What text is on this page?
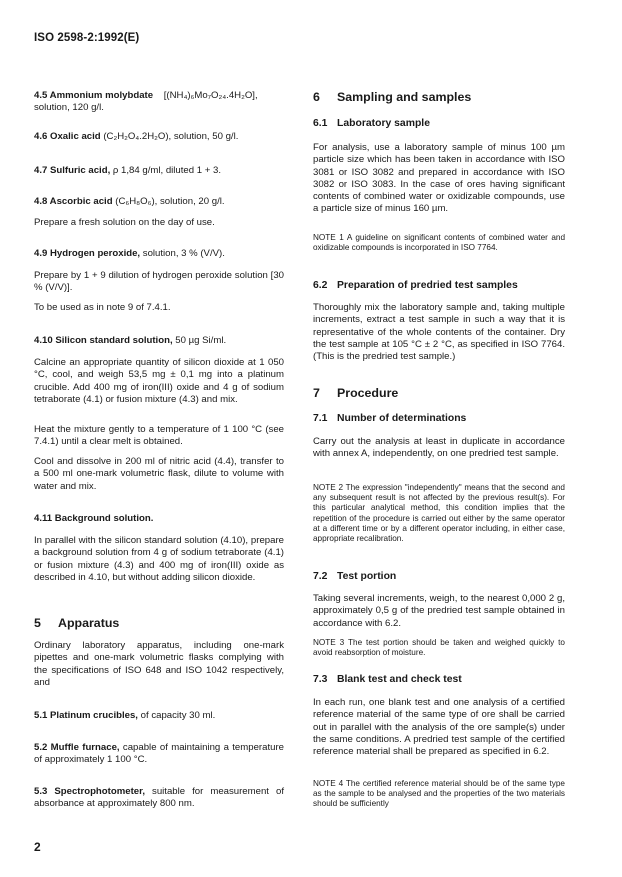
ISO 2598-2:1992(E)

4.5 Ammonium molybdate [(NH₄)₆Mo₇O₂₄.4H₂O],
solution, 120 g/l.

4.6 Oxalic acid (C₂H₂O₄.2H₂O), solution, 50 g/l.

4.7 Sulfuric acid, ρ 1,84 g/ml, diluted 1 + 3.

4.8 Ascorbic acid (C₆H₈O₆), solution, 20 g/l.

Prepare a fresh solution on the day of use.

4.9 Hydrogen peroxide, solution, 3 % (V/V).

Prepare by 1 + 9 dilution of hydrogen peroxide solution [30 % (V/V)].

To be used as in note 9 of 7.4.1.

4.10 Silicon standard solution, 50 µg Si/ml.

Calcine an appropriate quantity of silicon dioxide at 1 050 °C, cool, and weigh 53,5 mg ± 0,1 mg into a platinum crucible. Add 400 mg of iron(III) oxide and 4 g of sodium tetraborate (4.1) or fusion mixture (4.3) and mix.

Heat the mixture gently to a temperature of 1 100 °C (see 7.4.1) until a clear melt is obtained.

Cool and dissolve in 200 ml of nitric acid (4.4), transfer to a 500 ml one-mark volumetric flask, dilute to volume with water and mix.

4.11 Background solution.

In parallel with the silicon standard solution (4.10), prepare a background solution from 4 g of sodium tetraborate (4.1) or fusion mixture (4.3) and 400 mg of iron(III) oxide as described in 4.10, but without adding silicon dioxide.

5 Apparatus

Ordinary laboratory apparatus, including one-mark pipettes and one-mark volumetric flasks complying with the specifications of ISO 648 and ISO 1042 respectively, and

5.1 Platinum crucibles, of capacity 30 ml.

5.2 Muffle furnace, capable of maintaining a temperature of approximately 1 100 °C.

5.3 Spectrophotometer, suitable for measurement of absorbance at approximately 800 nm.

6 Sampling and samples
6.1 Laboratory sample

For analysis, use a laboratory sample of minus 100 µm particle size which has been taken in accordance with ISO 3081 or ISO 3082 and prepared in accordance with ISO 3082 or ISO 3083. In the case of ores having significant contents of combined water or oxidizable compounds, use a particle size of minus 160 µm.

NOTE 1 A guideline on significant contents of combined water and oxidizable compounds is incorporated in ISO 7764.

6.2 Preparation of predried test samples

Thoroughly mix the laboratory sample and, taking multiple increments, extract a test sample in such a way that it is representative of the whole contents of the container. Dry the test sample at 105 °C ± 2 °C, as specified in ISO 7764. (This is the predried test sample.)

7 Procedure
7.1 Number of determinations

Carry out the analysis at least in duplicate in accordance with annex A, independently, on one predried test sample.

NOTE 2 The expression "independently" means that the second and any subsequent result is not affected by the previous result(s). For this particular analytical method, this condition implies that the repetition of the procedure is carried out either by the same operator at a different time or by a different operator including, in either case, appropriate recalibration.

7.2 Test portion

Taking several increments, weigh, to the nearest 0,000 2 g, approximately 0,5 g of the predried test sample obtained in accordance with 6.2.

NOTE 3 The test portion should be taken and weighed quickly to avoid reabsorption of moisture.

7.3 Blank test and check test

In each run, one blank test and one analysis of a certified reference material of the same type of ore shall be carried out in parallel with the analysis of the ore sample(s) under the same conditions. A predried test sample of the certified reference material shall be prepared as specified in 6.2.

NOTE 4 The certified reference material should be of the same type as the sample to be analysed and the properties of the two materials should be sufficiently

2
